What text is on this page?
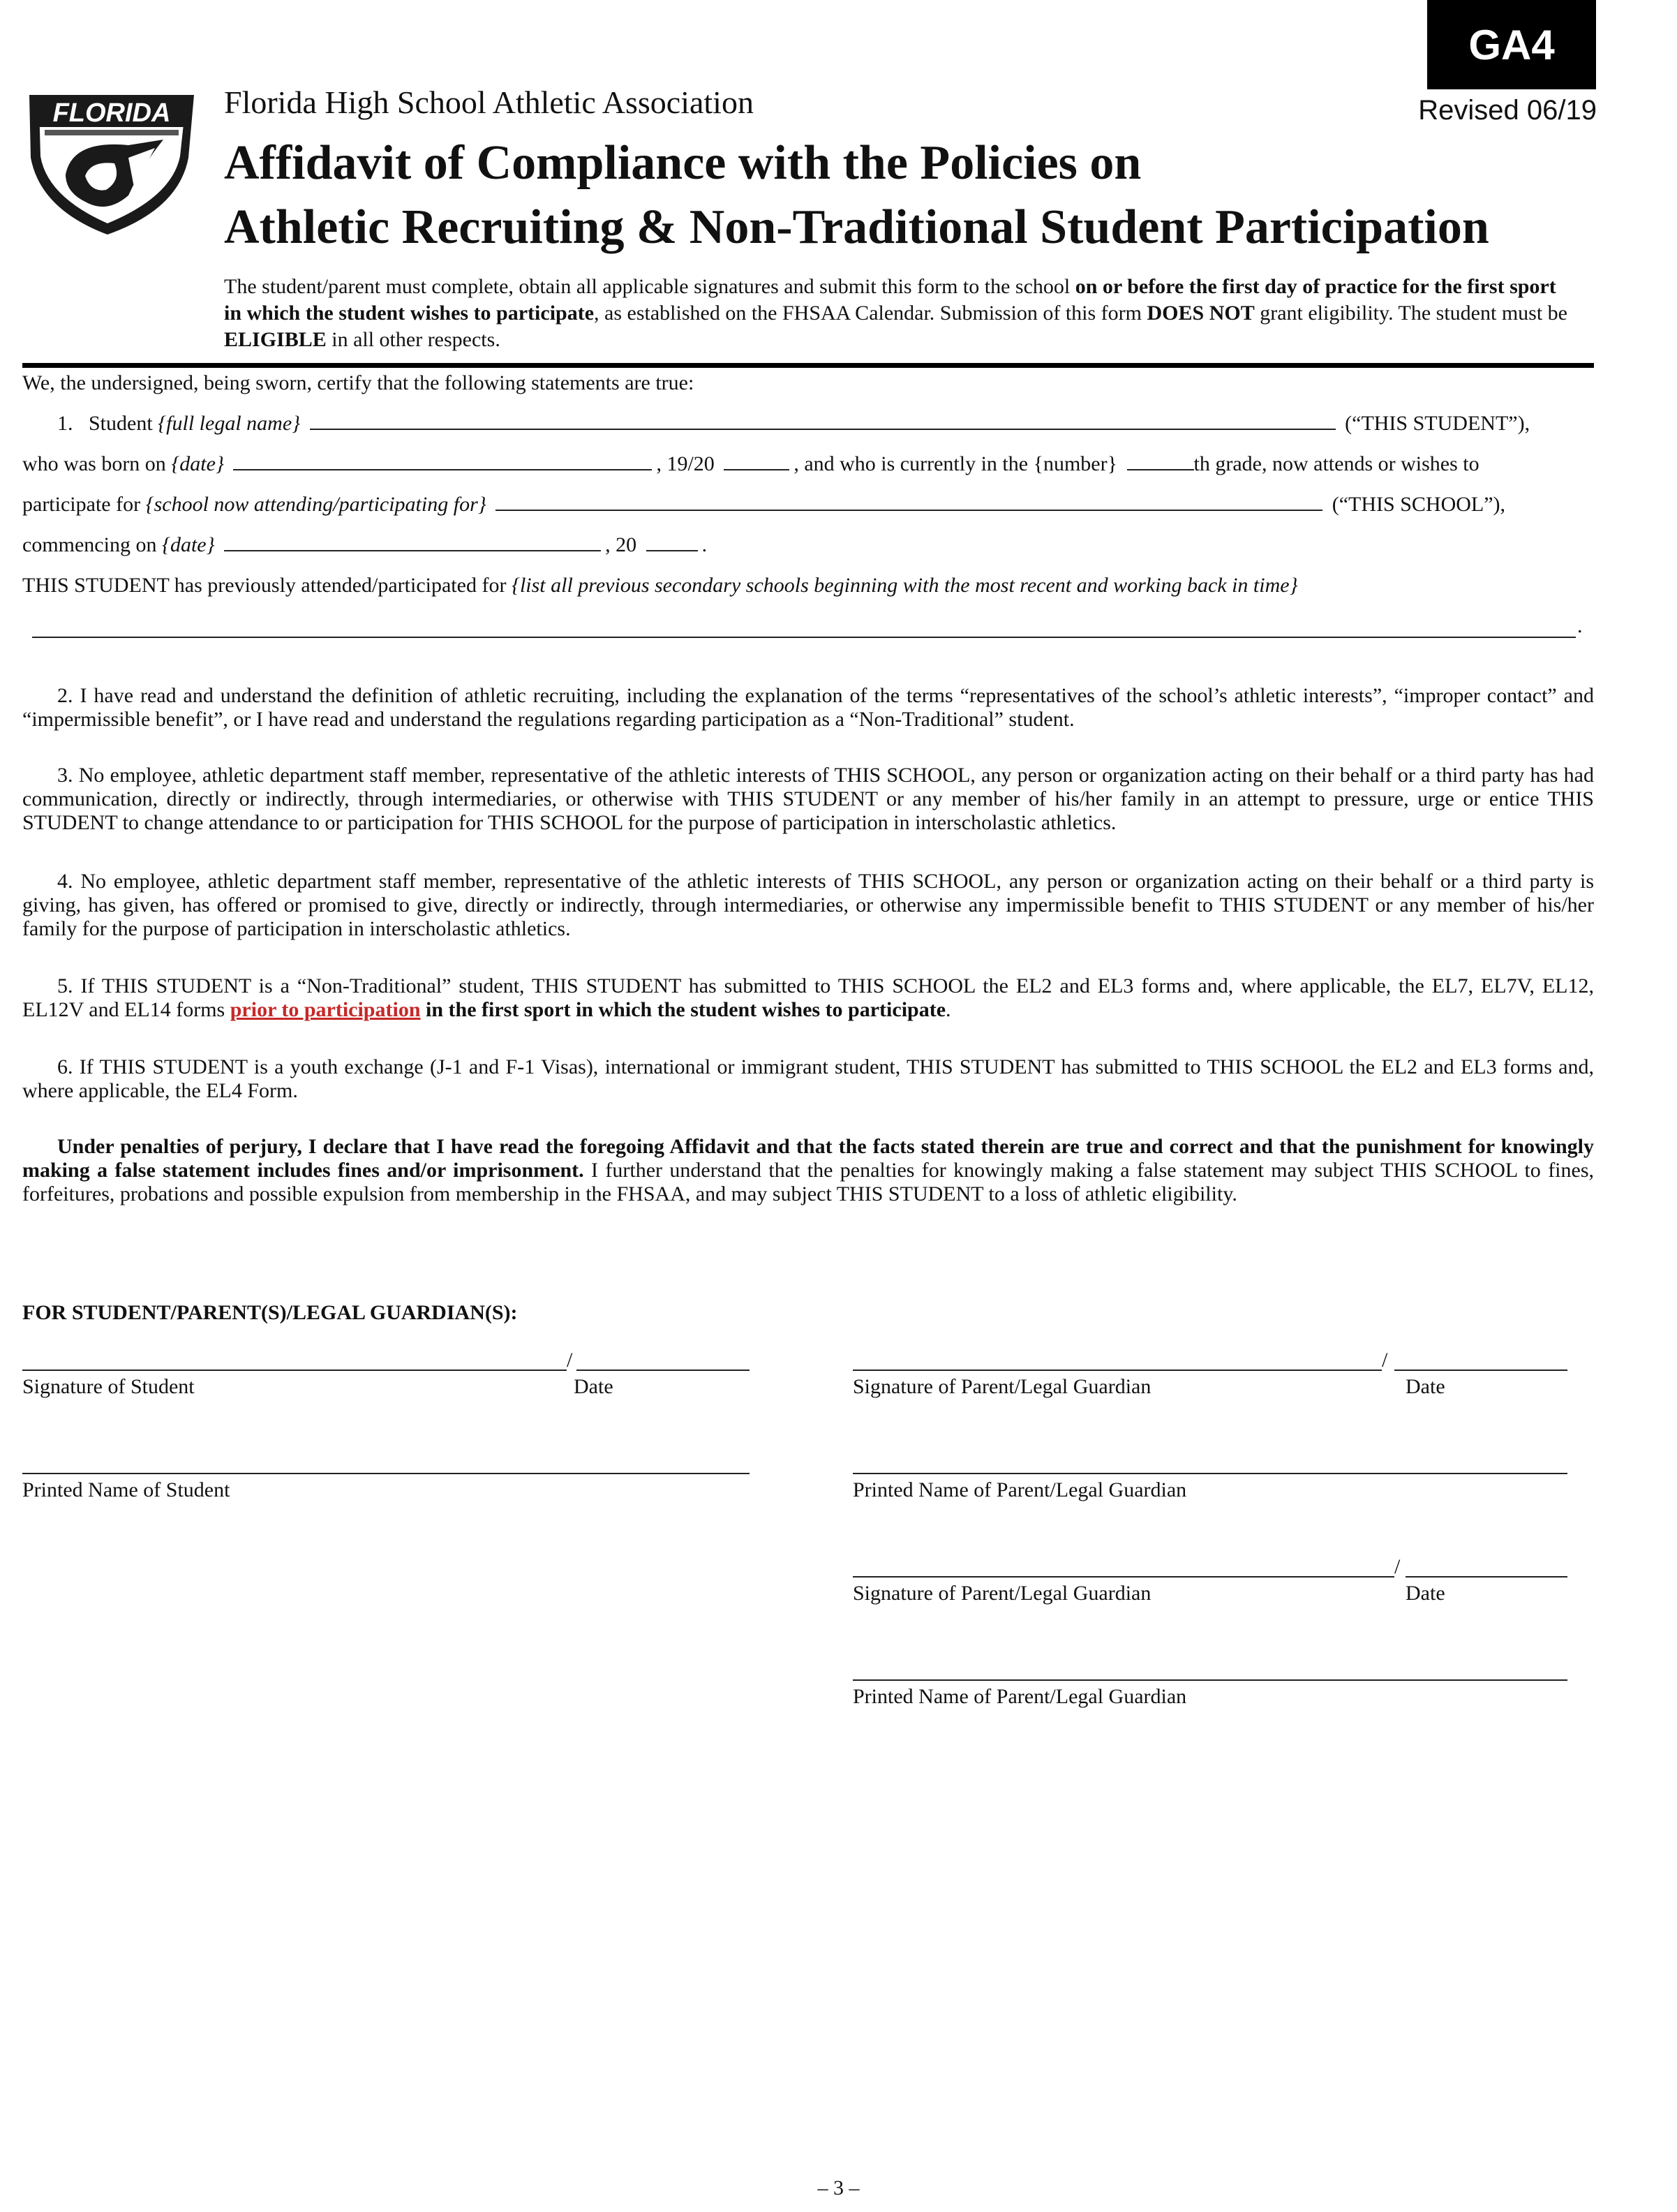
GA4
Revised 06/19
FLORIDA Florida High School Athletic Association
Affidavit of Compliance with the Policies on
Athletic Recruiting & Non-Traditional Student Participation
The student/parent must complete, obtain all applicable signatures and submit this form to the school on or before the first day of practice for the first sport in which the student wishes to participate, as established on the FHSAA Calendar. Submission of this form DOES NOT grant eligibility. The student must be ELIGIBLE in all other respects.
We, the undersigned, being sworn, certify that the following statements are true:
1. Student {full legal name}	(“THIS STUDENT”),
who was born on {date}	, 19/20	, and who is currently in the {number}	th grade, now attends or wishes to
participate for {school now attending/participating for}	(“THIS SCHOOL”),
commencing on {date}	, 20	.
THIS STUDENT has previously attended/participated for {list all previous secondary schools beginning with the most recent and working back in time}
.
2. I have read and understand the definition of athletic recruiting, including the explanation of the terms “representatives of the school’s athletic interests”, “improper contact” and “impermissible benefit”, or I have read and understand the regulations regarding participation as a “Non-Traditional” student.
3. No employee, athletic department staff member, representative of the athletic interests of THIS SCHOOL, any person or organization acting on their behalf or a third party has had communication, directly or indirectly, through intermediaries, or otherwise with THIS STUDENT or any member of his/her family in an attempt to pressure, urge or entice THIS STUDENT to change attendance to or participation for THIS SCHOOL for the purpose of participation in interscholastic athletics.
4. No employee, athletic department staff member, representative of the athletic interests of THIS SCHOOL, any person or organization acting on their behalf or a third party is giving, has given, has offered or promised to give, directly or indirectly, through intermediaries, or otherwise any impermissible benefit to THIS STUDENT or any member of his/her family for the purpose of participation in interscholastic athletics.
5. If THIS STUDENT is a “Non-Traditional” student, THIS STUDENT has submitted to THIS SCHOOL the EL2 and EL3 forms and, where applicable, the EL7, EL7V, EL12, EL12V and EL14 forms prior to participation in the first sport in which the student wishes to participate.
6. If THIS STUDENT is a youth exchange (J-1 and F-1 Visas), international or immigrant student, THIS STUDENT has submitted to THIS SCHOOL the EL2 and EL3 forms and, where applicable, the EL4 Form.
Under penalties of perjury, I declare that I have read the foregoing Affidavit and that the facts stated therein are true and correct and that the punishment for knowingly making a false statement includes fines and/or imprisonment. I further understand that the penalties for knowingly making a false statement may subject THIS SCHOOL to fines, forfeitures, probations and possible expulsion from membership in the FHSAA, and may subject THIS STUDENT to a loss of athletic eligibility.
FOR STUDENT/PARENT(S)/LEGAL GUARDIAN(S):
/
Signature of Student	Date
/
Signature of Parent/Legal Guardian	Date
Printed Name of Student	Printed Name of Parent/Legal Guardian
/
Signature of Parent/Legal Guardian	Date
Printed Name of Parent/Legal Guardian
– 3 –
